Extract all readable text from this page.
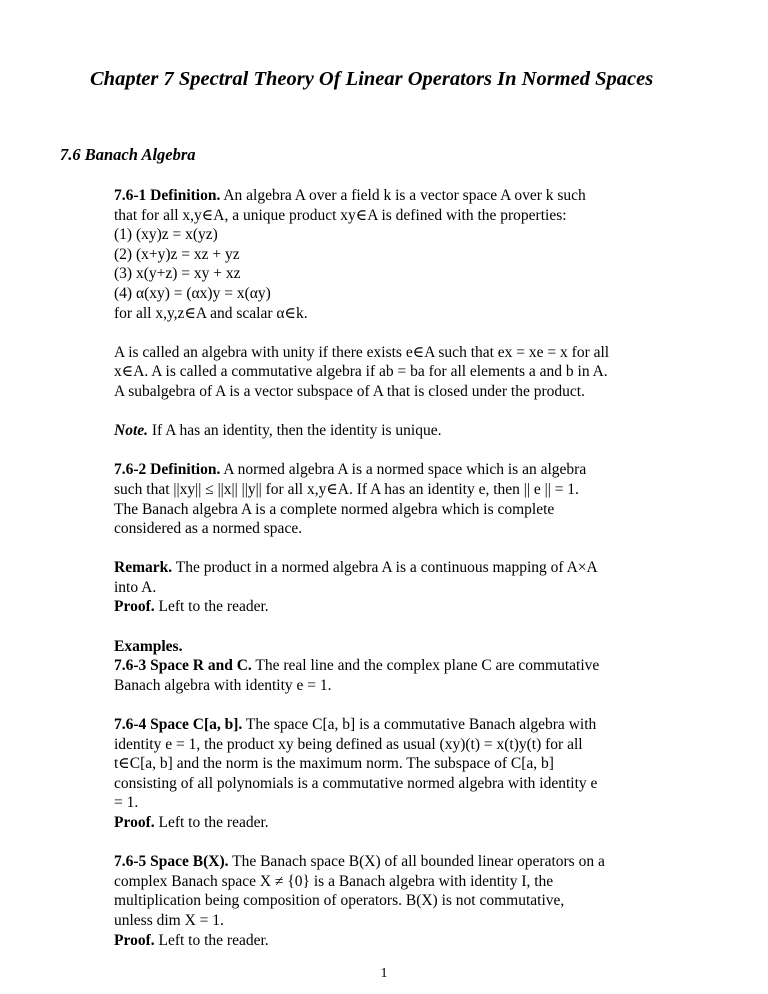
Chapter 7 Spectral Theory Of Linear Operators In Normed Spaces
7.6 Banach Algebra

7.6-1 Definition. An algebra A over a field k is a vector space A over k such

that for all x,y∈A, a unique product xy∈A is defined with the properties:

(1) (xy)z = x(yz)

(2) (x+y)z = xz + yz

(3) x(y+z) = xy + xz

(4) α(xy) = (αx)y = x(αy)

for all x,y,z∈A and scalar α∈k.

A is called an algebra with unity if there exists e∈A such that ex = xe = x for all

x∈A. A is called a commutative algebra if ab = ba for all elements a and b in A.

A subalgebra of A is a vector subspace of A that is closed under the product.

Note. If A has an identity, then the identity is unique.

7.6-2 Definition. A normed algebra A is a normed space which is an algebra

such that ||xy|| ≤ ||x|| ||y|| for all x,y∈A. If A has an identity e, then || e || = 1.

The Banach algebra A is a complete normed algebra which is complete

considered as a normed space.

Remark. The product in a normed algebra A is a continuous mapping of A×A

into A.

Proof. Left to the reader.

Examples.

7.6-3 Space R and C. The real line and the complex plane C are commutative

Banach algebra with identity e = 1.

7.6-4 Space C[a, b]. The space C[a, b] is a commutative Banach algebra with

identity e = 1, the product xy being defined as usual (xy)(t) = x(t)y(t) for all

t∈C[a, b] and the norm is the maximum norm. The subspace of C[a, b]

consisting of all polynomials is a commutative normed algebra with identity e

= 1.

Proof. Left to the reader.

7.6-5 Space B(X). The Banach space B(X) of all bounded linear operators on a

complex Banach space X ≠ {0} is a Banach algebra with identity I, the

multiplication being composition of operators. B(X) is not commutative,

unless dim X = 1.

Proof. Left to the reader.

1
